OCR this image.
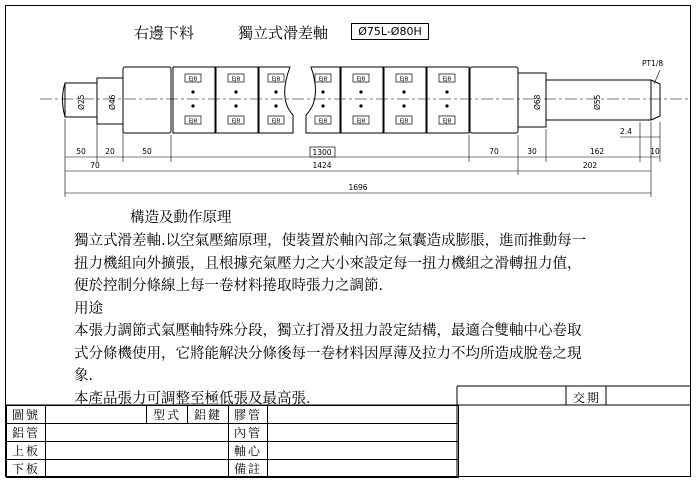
右邊下料	獨立式滑差軸	Ø75L-Ø80H
EJB
EJB
EJB
EJB
EJB
EJB
EJB
EJB
EJB
EJB
EJB
EJB
EJB
EJB
Ø25	Ø46	Ø68	Ø55
PT1/8
50	20	50	1300	70	30	162	10
70	1424	202
2.4
1696
構造及動作原理
獨立式滑差軸.以空氣壓縮原理，使裝置於軸內部之氣囊造成膨脹，進而推動每一
扭力機組向外擴張，且根據充氣壓力之大小來設定每一扭力機組之滑轉扭力值，
便於控制分條線上每一卷材料捲取時張力之調節．
用途
本張力調節式氣壓軸特殊分段，獨立打滑及扭力設定結構，最適合雙軸中心卷取
式分條機使用，它將能解決分條後每一卷材料因厚薄及拉力不均所造成脫卷之現
象．
本產品張力可調整至極低張及最高張．	交期
圖號		型式	鋁鍵	膠管	
鋁管				內管	
上板				軸心	
下板				備註	
